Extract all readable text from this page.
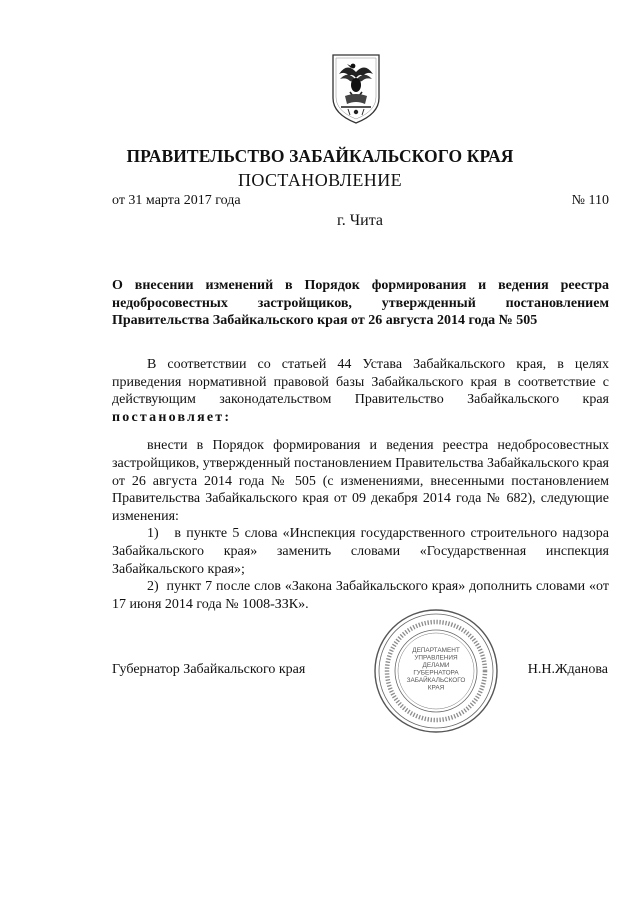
ПРАВИТЕЛЬСТВО ЗАБАЙКАЛЬСКОГО КРАЯ
ПОСТАНОВЛЕНИЕ
от 31 марта 2017 года	№ 110
г. Чита
О внесении изменений в Порядок формирования и ведения реестра недобросовестных застройщиков, утвержденный постановлением Правительства Забайкальского края от 26 августа 2014 года № 505

В соответствии со статьей 44 Устава Забайкальского края, в целях приведения нормативной правовой базы Забайкальского края в соответствие с действующим законодательством Правительство Забайкальского края постановляет:

внести в Порядок формирования и ведения реестра недобросовестных застройщиков, утвержденный постановлением Правительства Забайкальского края от 26 августа 2014 года № 505 (с изменениями, внесенными постановлением Правительства Забайкальского края от 09 декабря 2014 года № 682), следующие изменения:

1) в пункте 5 слова «Инспекция государственного строительного надзора Забайкальского края» заменить словами «Государственная инспекция Забайкальского края»;

2) пункт 7 после слов «Закона Забайкальского края» дополнить словами «от 17 июня 2014 года № 1008-ЗЗК».

ДЕПАРТАМЕНТ
УПРАВЛЕНИЯ
ДЕЛАМИ
ГУБЕРНАТОРА
ЗАБАЙКАЛЬСКОГО
КРАЯ
Губернатор Забайкальского края	Н.Н.Жданова
